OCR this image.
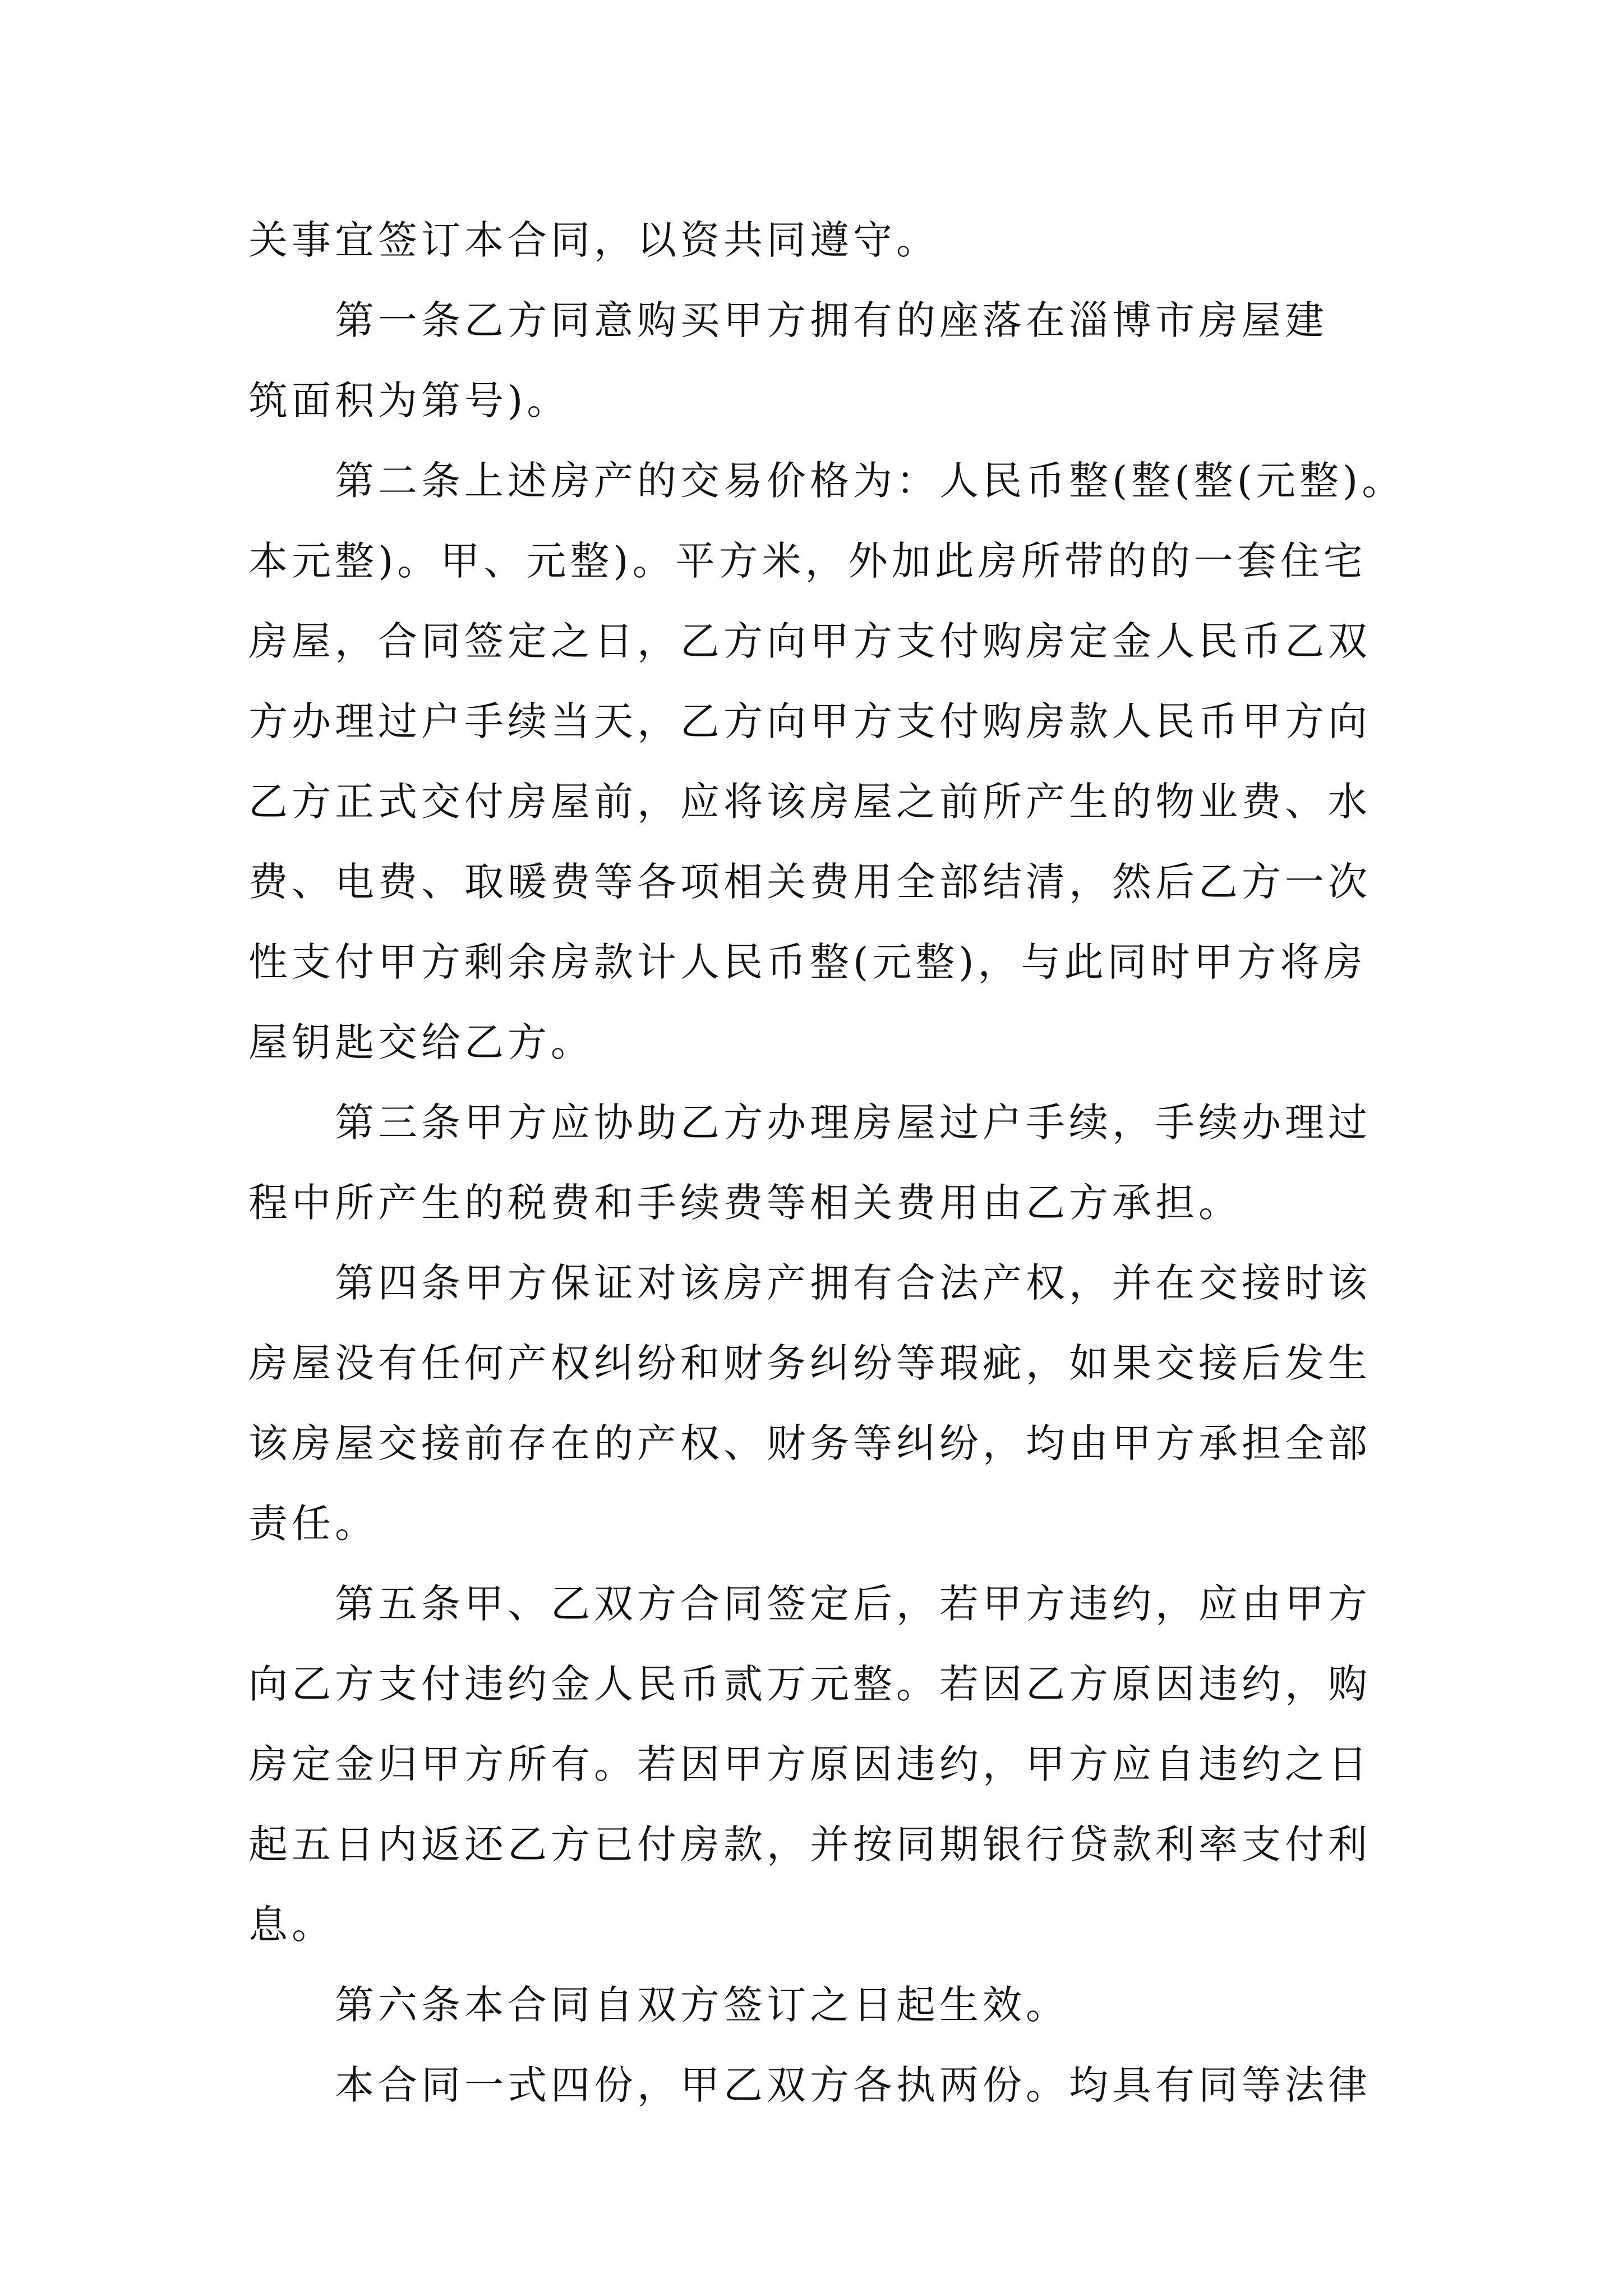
关事宜签订本合同，以资共同遵守。
第一条乙方同意购买甲方拥有的座落在淄博市房屋建
筑面积为第号)。
第二条上述房产的交易价格为：人民币整(整(整(元整)。
本元整)。甲、元整)。平方米，外加此房所带的的一套住宅
房屋，合同签定之日，乙方向甲方支付购房定金人民币乙双
方办理过户手续当天，乙方向甲方支付购房款人民币甲方向
乙方正式交付房屋前，应将该房屋之前所产生的物业费、水
费、电费、取暖费等各项相关费用全部结清，然后乙方一次
性支付甲方剩余房款计人民币整(元整)，与此同时甲方将房
屋钥匙交给乙方。
第三条甲方应协助乙方办理房屋过户手续，手续办理过
程中所产生的税费和手续费等相关费用由乙方承担。
第四条甲方保证对该房产拥有合法产权，并在交接时该
房屋没有任何产权纠纷和财务纠纷等瑕疵，如果交接后发生
该房屋交接前存在的产权、财务等纠纷，均由甲方承担全部
责任。
第五条甲、乙双方合同签定后，若甲方违约，应由甲方
向乙方支付违约金人民币贰万元整。若因乙方原因违约，购
房定金归甲方所有。若因甲方原因违约，甲方应自违约之日
起五日内返还乙方已付房款，并按同期银行贷款利率支付利
息。
第六条本合同自双方签订之日起生效。
本合同一式四份，甲乙双方各执两份。均具有同等法律
